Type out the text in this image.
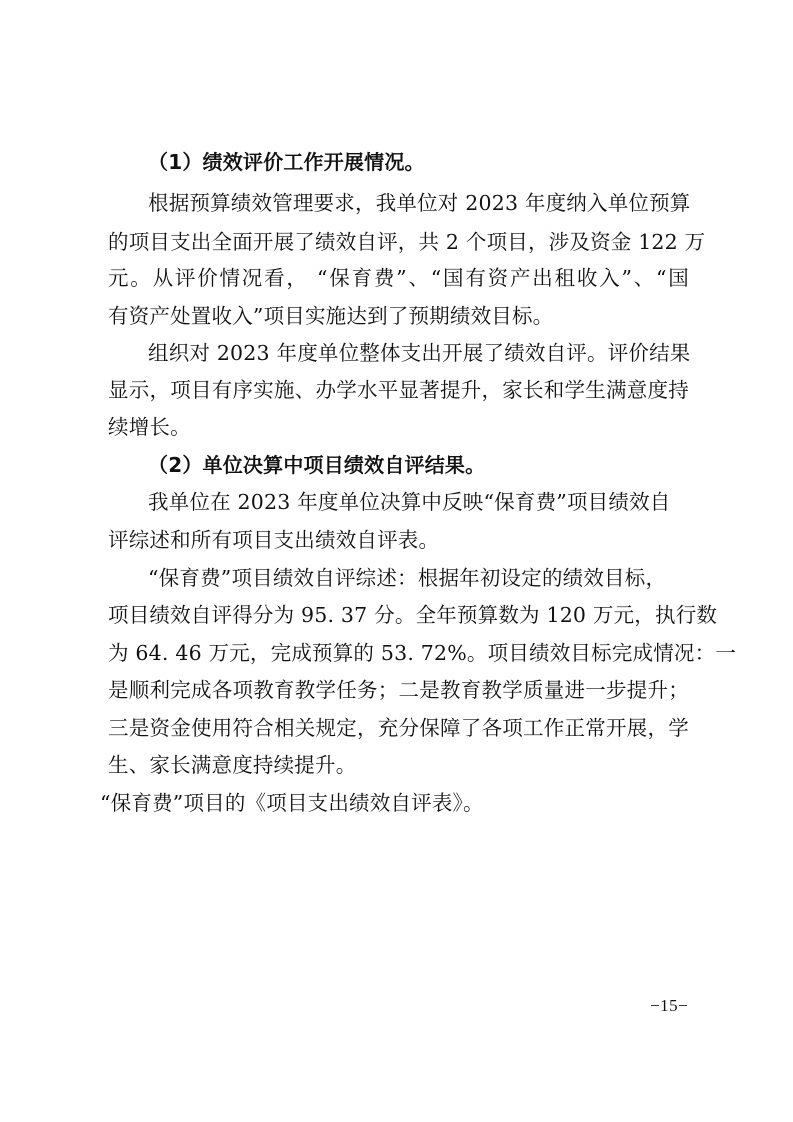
（1）绩效评价工作开展情况。
根据预算绩效管理要求，我单位对 2023 年度纳入单位预算
的项目支出全面开展了绩效自评，共 2 个项目，涉及资金 122 万
元。从评价情况看， “保育费”、“国有资产出租收入”、“国
有资产处置收入”项目实施达到了预期绩效目标。
组织对 2023 年度单位整体支出开展了绩效自评。评价结果
显示，项目有序实施、办学水平显著提升，家长和学生满意度持
续增长。
（2）单位决算中项目绩效自评结果。
我单位在 2023 年度单位决算中反映“保育费”项目绩效自
评综述和所有项目支出绩效自评表。
“保育费”项目绩效自评综述：根据年初设定的绩效目标，
项目绩效自评得分为 95. 37 分。全年预算数为 120 万元，执行数
为 64. 46 万元，完成预算的 53. 72%。项目绩效目标完成情况：一
是顺利完成各项教育教学任务；二是教育教学质量进一步提升；
三是资金使用符合相关规定，充分保障了各项工作正常开展，学
生、家长满意度持续提升。
“保育费”项目的《项目支出绩效自评表》。
−15−
